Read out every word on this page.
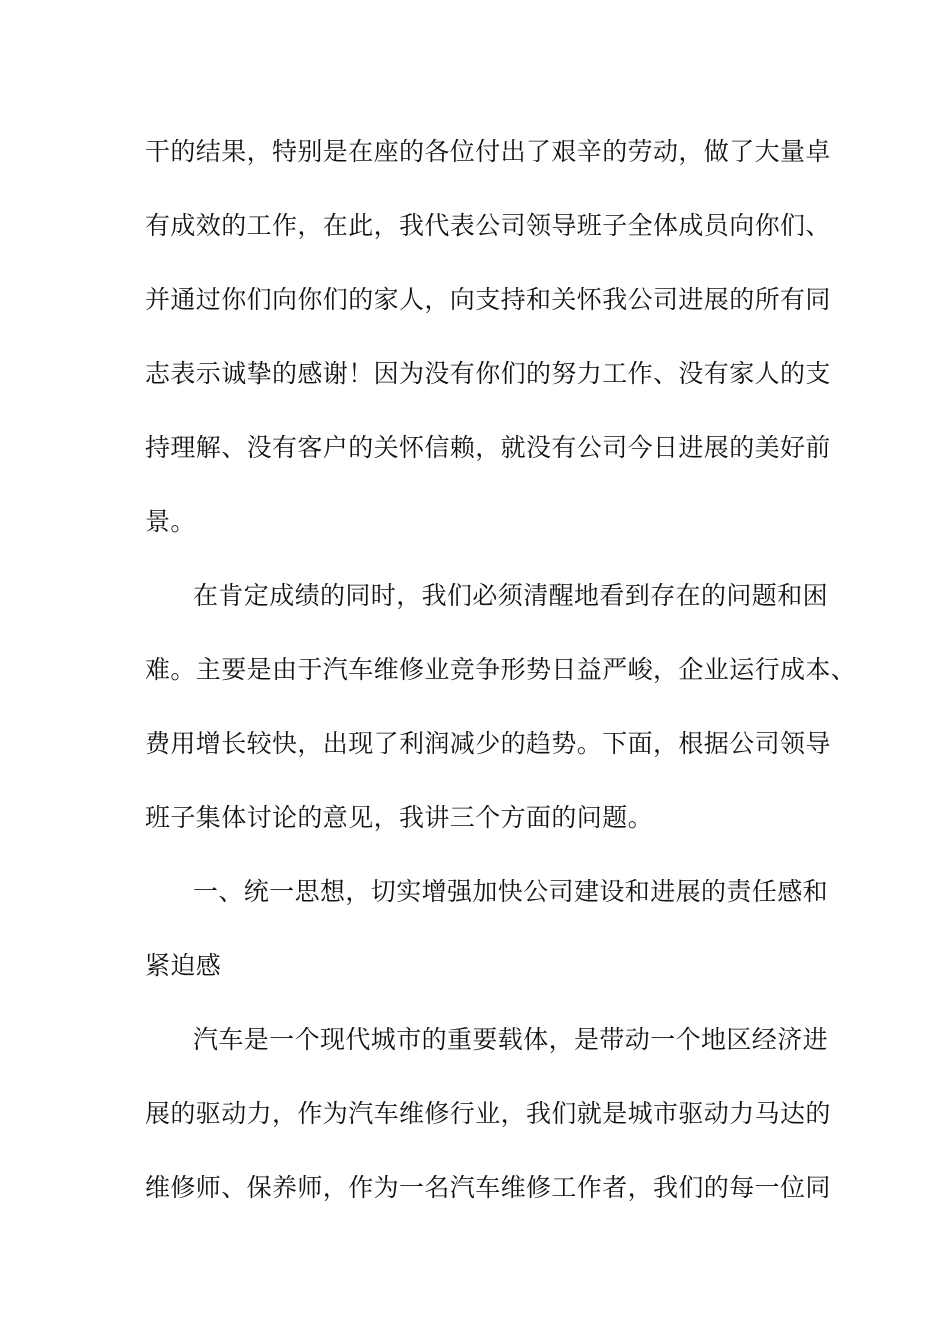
干的结果，特别是在座的各位付出了艰辛的劳动，做了大量卓
有成效的工作，在此，我代表公司领导班子全体成员向你们、
并通过你们向你们的家人，向支持和关怀我公司进展的所有同
志表示诚挚的感谢！因为没有你们的努力工作、没有家人的支
持理解、没有客户的关怀信赖，就没有公司今日进展的美好前
景。
在肯定成绩的同时，我们必须清醒地看到存在的问题和困
难。主要是由于汽车维修业竞争形势日益严峻，企业运行成本、
费用增长较快，出现了利润减少的趋势。下面，根据公司领导
班子集体讨论的意见，我讲三个方面的问题。
一、统一思想，切实增强加快公司建设和进展的责任感和
紧迫感
汽车是一个现代城市的重要载体，是带动一个地区经济进
展的驱动力，作为汽车维修行业，我们就是城市驱动力马达的
维修师、保养师，作为一名汽车维修工作者，我们的每一位同
